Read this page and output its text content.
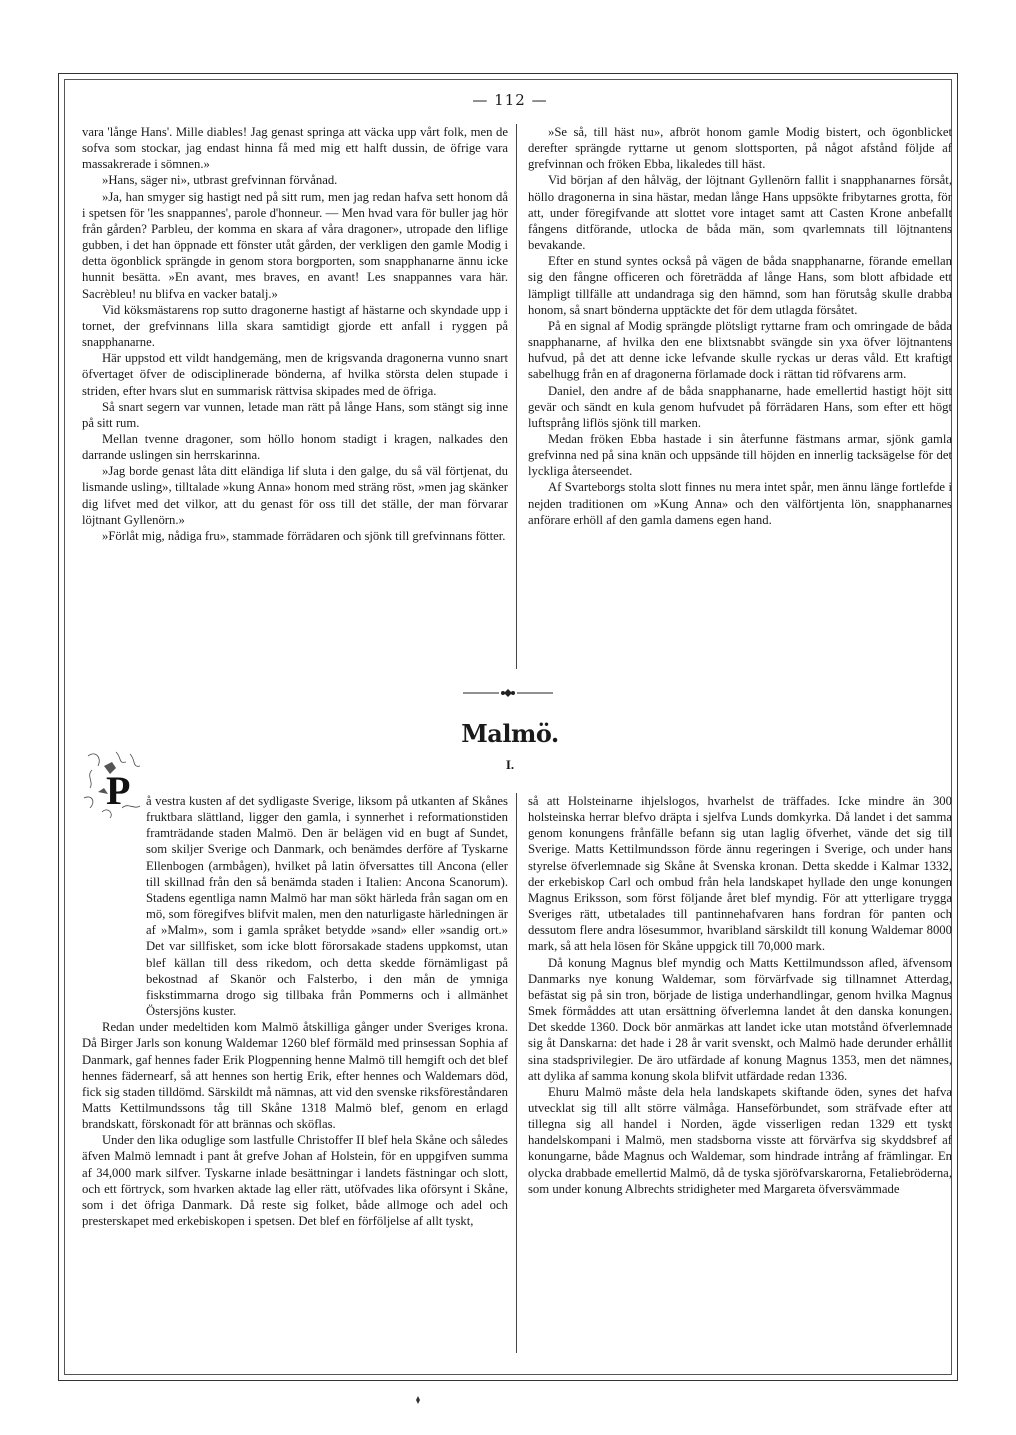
— 112 —

vara 'långe Hans'. Mille diables! Jag genast springa att väcka upp vårt folk, men de sofva som stockar, jag endast hinna få med mig ett halft dussin, de öfrige vara massakrerade i sömnen.»

»Hans, säger ni», utbrast grefvinnan förvånad.

»Ja, han smyger sig hastigt ned på sitt rum, men jag redan hafva sett honom då i spetsen för 'les snappannes', parole d'honneur. — Men hvad vara för buller jag hör från gården? Parbleu, der komma en skara af våra dragoner», utropade den liflige gubben, i det han öppnade ett fönster utåt gården, der verkligen den gamle Modig i detta ögonblick sprängde in genom stora borgporten, som snapphanarne ännu icke hunnit besätta. »En avant, mes braves, en avant! Les snappannes vara här. Sacrèbleu! nu blifva en vacker batalj.»

Vid köksmästarens rop sutto dragonerne hastigt af hästarne och skyndade upp i tornet, der grefvinnans lilla skara samtidigt gjorde ett anfall i ryggen på snapphanarne.

Här uppstod ett vildt handgemäng, men de krigsvanda dragonerna vunno snart öfvertaget öfver de odisciplinerade bönderna, af hvilka största delen stupade i striden, efter hvars slut en summarisk rättvisa skipades med de öfriga.

Så snart segern var vunnen, letade man rätt på långe Hans, som stängt sig inne på sitt rum.

Mellan tvenne dragoner, som höllo honom stadigt i kragen, nalkades den darrande uslingen sin herrskarinna.

»Jag borde genast låta ditt eländiga lif sluta i den galge, du så väl förtjenat, du lismande usling», tilltalade »kung Anna» honom med sträng röst, »men jag skänker dig lifvet med det vilkor, att du genast för oss till det ställe, der man förvarar löjtnant Gyllenörn.»

»Förlåt mig, nådiga fru», stammade förrädaren och sjönk till grefvinnans fötter.

»Se så, till häst nu», afbröt honom gamle Modig bistert, och ögonblicket derefter sprängde ryttarne ut genom slottsporten, på något afstånd följde af grefvinnan och fröken Ebba, likaledes till häst.

Vid början af den hålväg, der löjtnant Gyllenörn fallit i snapphanarnes försåt, höllo dragonerna in sina hästar, medan långe Hans uppsökte fribytarnes grotta, för att, under föregifvande att slottet vore intaget samt att Casten Krone anbefallt fångens ditförande, utlocka de båda män, som qvarlemnats till löjtnantens bevakande.

Efter en stund syntes också på vägen de båda snapphanarne, förande emellan sig den fångne officeren och företrädda af långe Hans, som blott afbidade ett lämpligt tillfälle att undandraga sig den hämnd, som han förutsåg skulle drabba honom, så snart bönderna upptäckte det för dem utlagda försåtet.

På en signal af Modig sprängde plötsligt ryttarne fram och omringade de båda snapphanarne, af hvilka den ene blixtsnabbt svängde sin yxa öfver löjtnantens hufvud, på det att denne icke lefvande skulle ryckas ur deras våld. Ett kraftigt sabelhugg från en af dragonerna förlamade dock i rättan tid röfvarens arm.

Daniel, den andre af de båda snapphanarne, hade emellertid hastigt höjt sitt gevär och sändt en kula genom hufvudet på förrädaren Hans, som efter ett högt luftsprång liflös sjönk till marken.

Medan fröken Ebba hastade i sin återfunne fästmans armar, sjönk gamla grefvinna ned på sina knän och uppsände till höjden en innerlig tacksägelse för det lyckliga återseendet.

Af Svarteborgs stolta slott finnes nu mera intet spår, men ännu länge fortlefde i nejden traditionen om »Kung Anna» och den välförtjenta lön, snapphanarnes anförare erhöll af den gamla damens egen hand.

Malmö.
I.
P	å vestra kusten af det sydligaste Sverige, liksom på utkanten af Skånes fruktbara slättland, ligger den gamla, i synnerhet i reformationstiden framträdande staden Malmö. Den är belägen vid en bugt af Sundet, som skiljer Sverige och Danmark, och benämdes derföre af Tyskarne Ellenbogen (armbågen), hvilket på latin öfversattes till Ancona (eller till skillnad från den så benämda staden i Italien: Ancona Scanorum). Stadens egentliga namn Malmö har man sökt härleda från sagan om en mö, som föregifves blifvit malen, men den naturligaste härledningen är af »Malm», som i gamla språket betydde »sand» eller »sandig ort.» Det var sillfisket, som icke blott förorsakade stadens uppkomst, utan blef källan till dess rikedom, och detta skedde förnämligast på bekostnad af Skanör och Falsterbo, i den mån de ymniga fiskstimmarna drogo sig tillbaka från Pommerns och i allmänhet Östersjöns kuster.

Redan under medeltiden kom Malmö åtskilliga gånger under Sveriges krona. Då Birger Jarls son konung Waldemar 1260 blef förmäld med prinsessan Sophia af Danmark, gaf hennes fader Erik Plogpenning henne Malmö till hemgift och det blef hennes fädernearf, så att hennes son hertig Erik, efter hennes och Waldemars död, fick sig staden tilldömd. Särskildt må nämnas, att vid den svenske riksföreståndaren Matts Kettilmundssons tåg till Skåne 1318 Malmö blef, genom en erlagd brandskatt, förskonadt för att brännas och sköflas.

Under den lika oduglige som lastfulle Christoffer II blef hela Skåne och således äfven Malmö lemnadt i pant åt grefve Johan af Holstein, för en uppgifven summa af 34,000 mark silfver. Tyskarne inlade besättningar i landets fästningar och slott, och ett förtryck, som hvarken aktade lag eller rätt, utöfvades lika oförsynt i Skåne, som i det öfriga Danmark. Då reste sig folket, både allmoge och adel och presterskapet med erkebiskopen i spetsen. Det blef en förföljelse af allt tyskt,

så att Holsteinarne ihjelslogos, hvarhelst de träffades. Icke mindre än 300 holsteinska herrar blefvo dräpta i sjelfva Lunds domkyrka. Då landet i det samma genom konungens frånfälle befann sig utan laglig öfverhet, vände det sig till Sverige. Matts Kettilmundsson förde ännu regeringen i Sverige, och under hans styrelse öfverlemnade sig Skåne åt Svenska kronan. Detta skedde i Kalmar 1332, der erkebiskop Carl och ombud från hela landskapet hyllade den unge konungen Magnus Eriksson, som först följande året blef myndig. För att ytterligare trygga Sveriges rätt, utbetalades till pantinnehafvaren hans fordran för panten och dessutom flere andra lösesummor, hvaribland särskildt till konung Waldemar 8000 mark, så att hela lösen för Skåne uppgick till 70,000 mark.

Då konung Magnus blef myndig och Matts Kettilmundsson afled, äfvensom Danmarks nye konung Waldemar, som förvärfvade sig tillnamnet Atterdag, befästat sig på sin tron, började de listiga underhandlingar, genom hvilka Magnus Smek förmåddes att utan ersättning öfverlemna landet åt den danska konungen. Det skedde 1360. Dock bör anmärkas att landet icke utan motstånd öfverlemnade sig åt Danskarna: det hade i 28 år varit svenskt, och Malmö hade derunder erhållit sina stadsprivilegier. De äro utfärdade af konung Magnus 1353, men det nämnes, att dylika af samma konung skola blifvit utfärdade redan 1336.

Ehuru Malmö måste dela hela landskapets skiftande öden, synes det hafva utvecklat sig till allt större välmåga. Hanseförbundet, som sträfvade efter att tillegna sig all handel i Norden, ägde visserligen redan 1329 ett tyskt handelskompani i Malmö, men stadsborna visste att förvärfva sig skyddsbref af konungarne, både Magnus och Waldemar, som hindrade intrång af främlingar. En olycka drabbade emellertid Malmö, då de tyska sjöröfvarskarorna, Fetaliebröderna, som under konung Albrechts stridigheter med Margareta öfversvämmade
